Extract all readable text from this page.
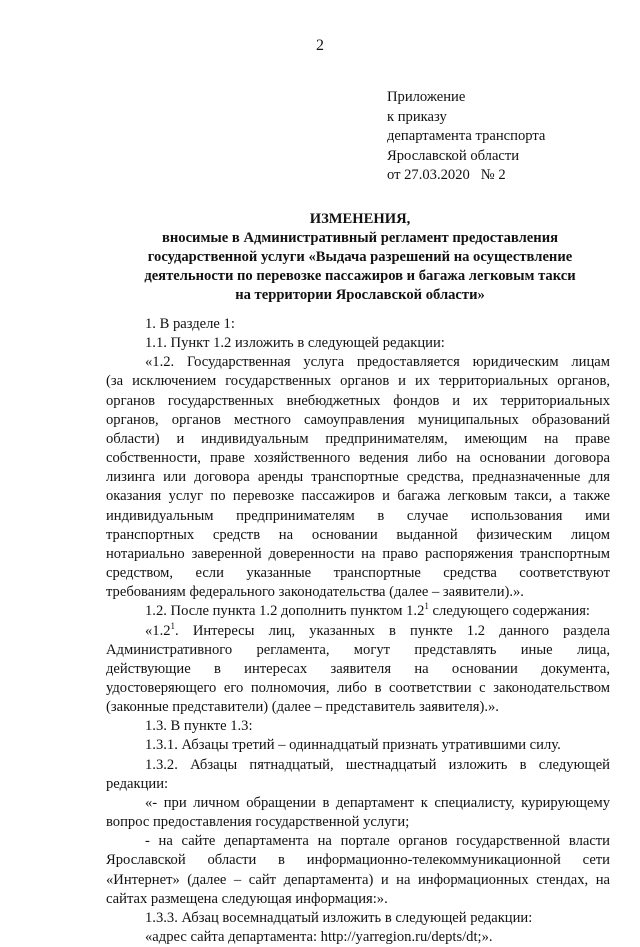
2
Приложение
к приказу
департамента транспорта
Ярославской области
от 27.03.2020   № 2
ИЗМЕНЕНИЯ,
вносимые в Административный регламент предоставления
государственной услуги «Выдача разрешений на осуществление
деятельности по перевозке пассажиров и багажа легковым такси
на территории Ярославской области»

1. В разделе 1:

1.1. Пункт 1.2 изложить в следующей редакции:

«1.2. Государственная услуга предоставляется юридическим лицам
(за исключением государственных органов и их территориальных органов,
органов государственных внебюджетных фондов и их территориальных
органов, органов местного самоуправления муниципальных образований
области) и индивидуальным предпринимателям, имеющим на праве
собственности, праве хозяйственного ведения либо на основании договора
лизинга или договора аренды транспортные средства, предназначенные для
оказания услуг по перевозке пассажиров и багажа легковым такси, а также
индивидуальным предпринимателям в случае использования ими
транспортных средств на основании выданной физическим лицом
нотариально заверенной доверенности на право распоряжения транспортным
средством, если указанные транспортные средства соответствуют
требованиям федерального законодательства (далее – заявители).».

1.2. После пункта 1.2 дополнить пунктом $1.2^1$ следующего содержания:

«$1.2^1$. Интересы лиц, указанных в пункте 1.2 данного раздела
Административного регламента, могут представлять иные лица,
действующие в интересах заявителя на основании документа,
удостоверяющего его полномочия, либо в соответствии с законодательством
(законные представители) (далее – представитель заявителя).».

1.3. В пункте 1.3:

1.3.1. Абзацы третий – одиннадцатый признать утратившими силу.

1.3.2. Абзацы пятнадцатый, шестнадцатый изложить в следующей
редакции:
«- при личном обращении в департамент к специалисту, курирующему
вопрос предоставления государственной услуги;
- на сайте департамента на портале органов государственной власти
Ярославской области в информационно-телекоммуникационной сети
«Интернет» (далее – сайт департамента) и на информационных стендах, на
сайтах размещена следующая информация:».

1.3.3. Абзац восемнадцатый изложить в следующей редакции:

«адрес сайта департамента: http://yarregion.ru/depts/dt;».
